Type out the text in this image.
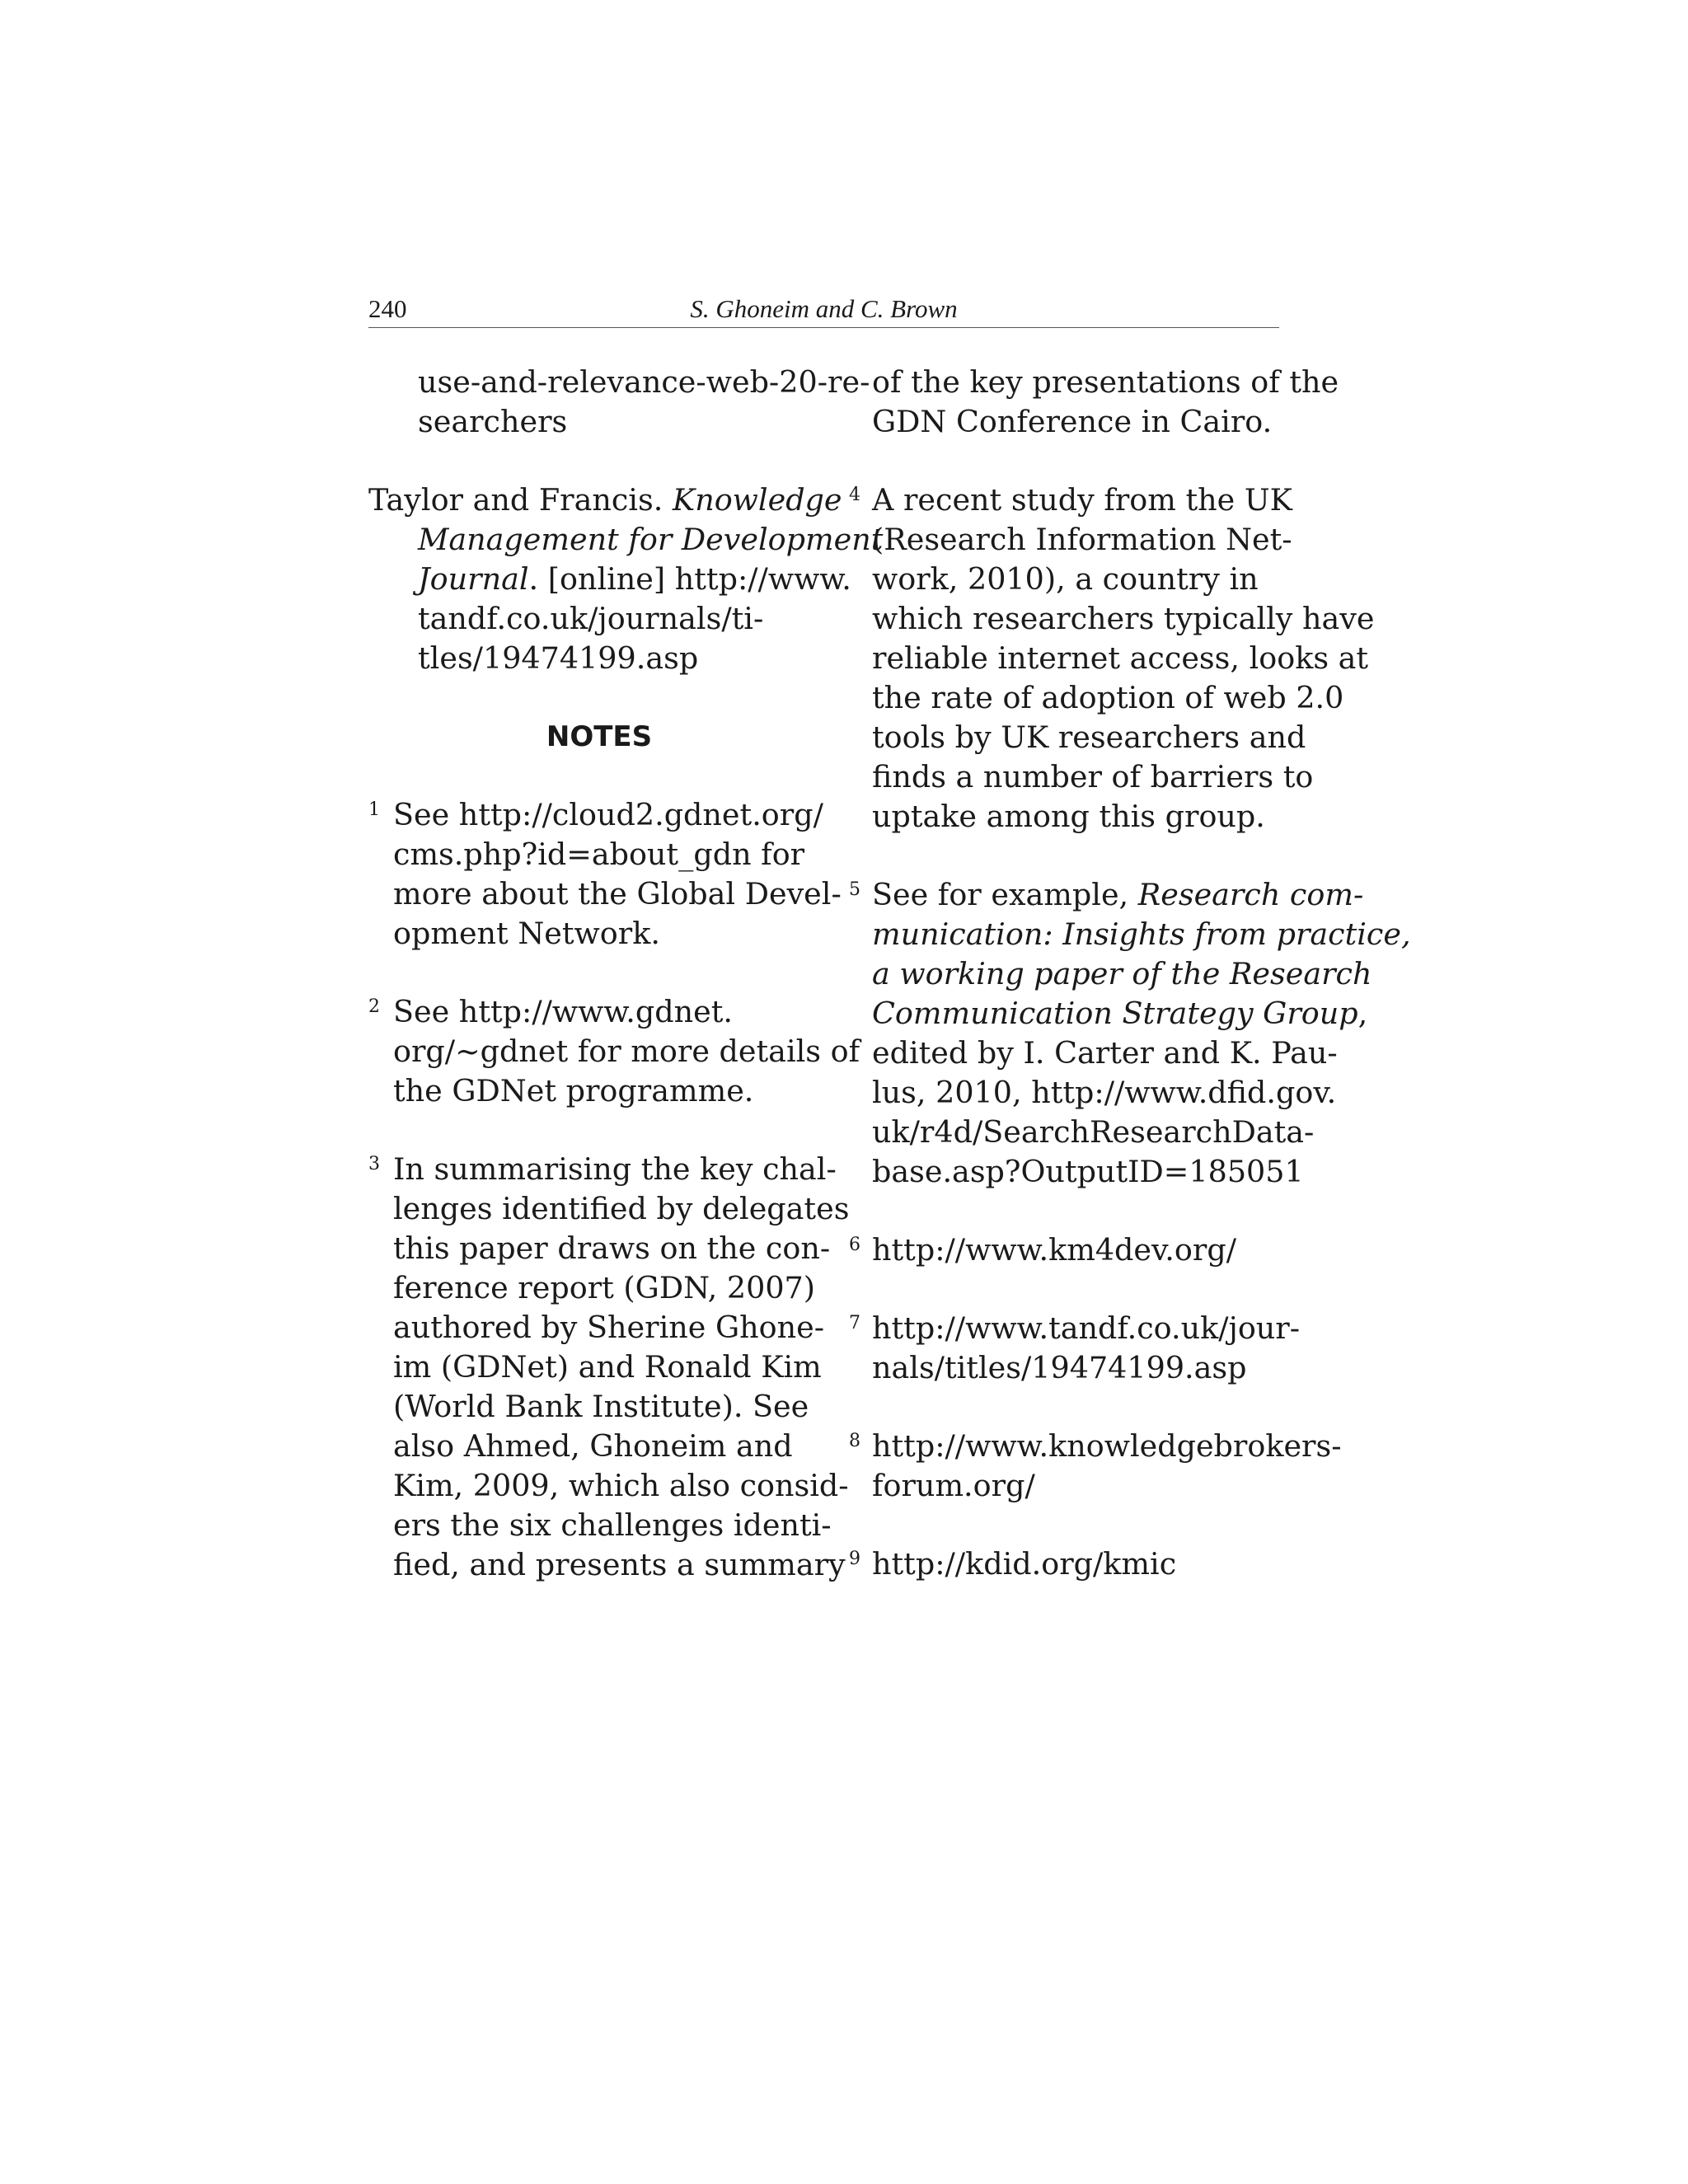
240	S. Ghoneim and C. Brown
use-and-relevance-web-20-re-
searchers
Taylor and Francis. Knowledge
Management for Development
Journal. [online] http://www.
tandf.co.uk/journals/ti-
tles/19474199.asp
NOTES
1 See http://cloud2.gdnet.org/
cms.php?id=about_gdn for
more about the Global Devel-
opment Network.
2 See http://www.gdnet.
org/~gdnet for more details of
the GDNet programme.
3 In summarising the key chal-
lenges identified by delegates
this paper draws on the con-
ference report (GDN, 2007)
authored by Sherine Ghone-
im (GDNet) and Ronald Kim
(World Bank Institute). See
also Ahmed, Ghoneim and
Kim, 2009, which also consid-
ers the six challenges identi-
fied, and presents a summary
of the key presentations of the
GDN Conference in Cairo.
4 A recent study from the UK
(Research Information Net-
work, 2010), a country in
which researchers typically have
reliable internet access, looks at
the rate of adoption of web 2.0
tools by UK researchers and
finds a number of barriers to
uptake among this group.
5 See for example, Research com-
munication: Insights from practice,
a working paper of the Research
Communication Strategy Group,
edited by I. Carter and K. Pau-
lus, 2010, http://www.dfid.gov.
uk/r4d/SearchResearchData-
base.asp?OutputID=185051
6 http://www.km4dev.org/
7 http://www.tandf.co.uk/jour-
nals/titles/19474199.asp
8 http://www.knowledgebrokers-
forum.org/
9 http://kdid.org/kmic
